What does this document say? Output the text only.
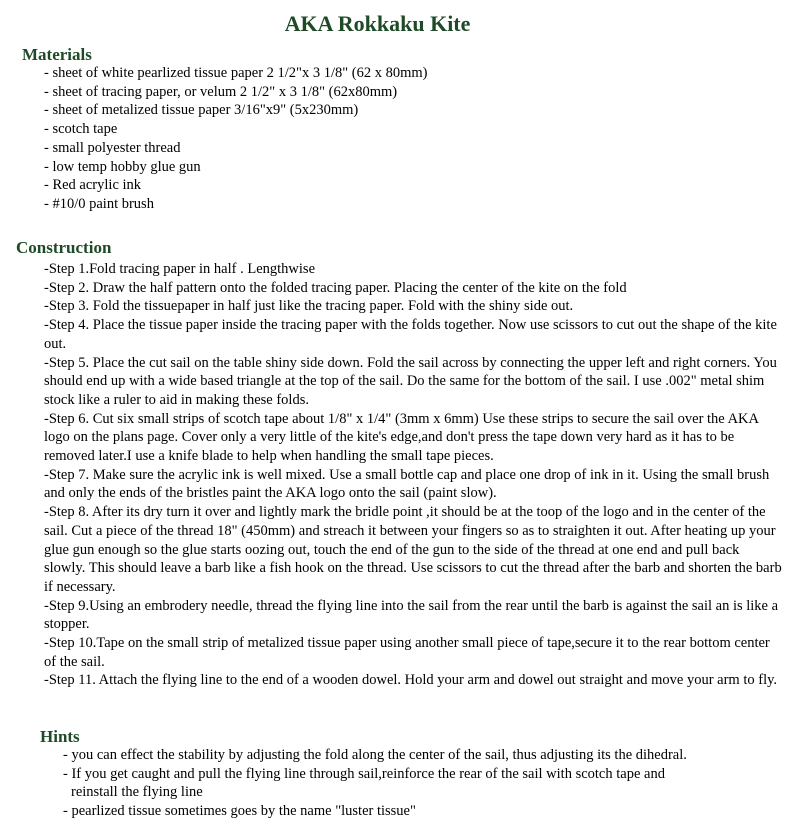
AKA Rokkaku Kite
Materials
- sheet of white pearlized tissue paper 2 1/2"x 3 1/8" (62 x 80mm)
- sheet of tracing paper, or velum 2 1/2" x 3 1/8" (62x80mm)
- sheet of metalized tissue paper 3/16"x9" (5x230mm)
- scotch tape
- small polyester thread
- low temp hobby glue gun
- Red acrylic ink
- #10/0 paint brush
Construction
-Step 1.Fold tracing paper in half . Lengthwise
-Step 2. Draw the half pattern onto the folded tracing paper. Placing the center of the kite on the fold
-Step 3. Fold the tissuepaper in half just like the tracing paper. Fold with the shiny side out.
-Step 4. Place the tissue paper inside the tracing paper with the folds together. Now use scissors to cut out the shape of the kite out.
-Step 5. Place the cut sail on the table shiny side down. Fold the sail across by connecting the upper left and right corners. You should end up with a wide based triangle at the top of the sail. Do the same for the bottom of the sail. I use .002" metal shim stock like a ruler to aid in making these folds.
-Step 6. Cut six small strips of scotch tape about 1/8" x 1/4" (3mm x 6mm) Use these strips to secure the sail over the AKA logo on the plans page. Cover only a very little of the kite's edge,and don't press the tape down very hard as it has to be removed later.I use a knife blade to help when handling the small tape pieces.
-Step 7. Make sure the acrylic ink is well mixed. Use a small bottle cap and place one drop of ink in it. Using the small brush and only the ends of the bristles paint the AKA logo onto the sail (paint slow).
-Step 8. After its dry turn it over and lightly mark the bridle point ,it should be at the toop of the logo and in the center of the sail. Cut a piece of the thread 18" (450mm) and streach it between your fingers so as to straighten it out. After heating up your glue gun enough so the glue starts oozing out, touch the end of the gun to the side of the thread at one end and pull back slowly. This should leave a barb like a fish hook on the thread. Use scissors to cut the thread after the barb and shorten the barb if necessary.
-Step 9.Using an embrodery needle, thread the flying line into the sail from the rear until the barb is against the sail an is like a stopper.
-Step 10.Tape on the small strip of metalized tissue paper using another small piece of tape,secure it to the rear bottom center of the sail.
-Step 11. Attach the flying line to the end of a wooden dowel. Hold your arm and dowel out straight and move your arm to fly.
Hints
- you can effect the stability by adjusting the fold along the center of the sail, thus adjusting its the dihedral.
- If you get caught and pull the flying line through sail,reinforce the rear of the sail with scotch tape and
reinstall the flying line
- pearlized tissue sometimes goes by the name "luster tissue"
